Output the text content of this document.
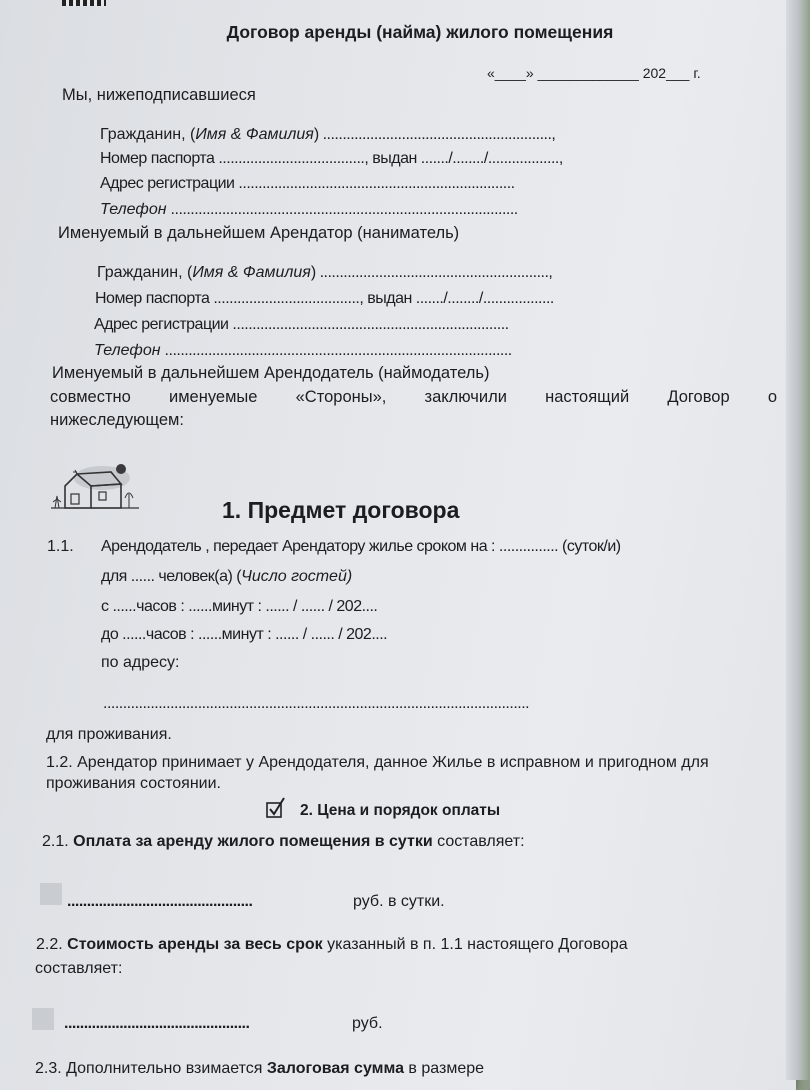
Договор аренды (найма) жилого помещения
«____» _____________ 202___ г.
Мы, нижеподписавшиеся
Гражданин, (Имя & Фамилия) ..........................................................,
Номер паспорта ....................................., выдан ......./......../..................,
Адрес регистрации ......................................................................
Телефон ........................................................................................
Именуемый в дальнейшем Арендатор (наниматель)
Гражданин, (Имя & Фамилия) ..........................................................,
Номер паспорта ....................................., выдан ......./......../..................
Адрес регистрации ......................................................................
Телефон ........................................................................................
Именуемый в дальнейшем Арендодатель (наймодатель)
совместно именуемые «Стороны», заключили настоящий Договор о
нижеследующем:
1. Предмет договора
1.1. Арендодатель , передает Арендатору жилье сроком на : ............... (суток/и)
для ...... человек(а) (Число гостей)
с ......часов : ......минут : ...... / ...... / 202....
до ......часов : ......минут : ...... / ...... / 202....
по адресу:
............................................................................................................
для проживания.
1.2. Арендатор принимает у Арендодателя, данное Жилье в исправном и пригодном для
проживания состоянии.
2. Цена и порядок оплаты
2.1. Оплата за аренду жилого помещения в сутки составляет:
...............................................	руб. в сутки.
2.2. Стоимость аренды за весь срок указанный в п. 1.1 настоящего Договора
составляет:
...............................................	руб.
2.3. Дополнительно взимается Залоговая сумма в размере
